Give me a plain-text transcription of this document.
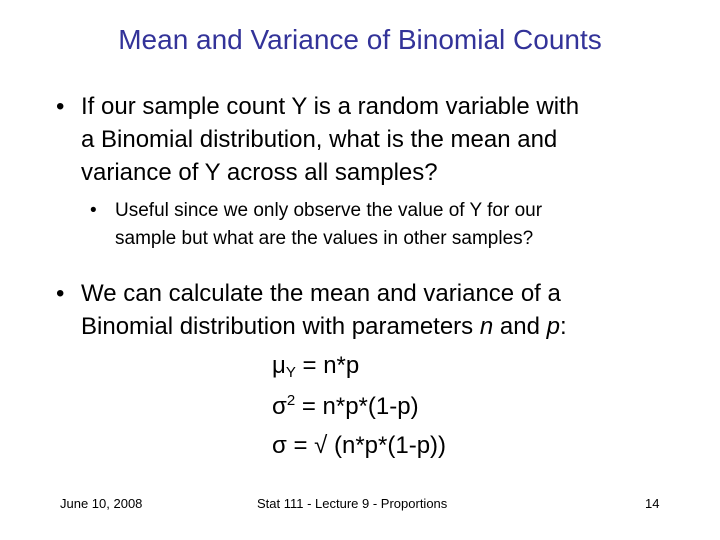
Mean and Variance of Binomial Counts
• If our sample count Y is a random variable with
a Binomial distribution, what is the mean and
variance of Y across all samples?
• Useful since we only observe the value of Y for our
sample but what are the values in other samples?
• We can calculate the mean and variance of a
Binomial distribution with parameters n and p:
$\mu_Y = n*p$
$\sigma^2 = n*p*(1-p)$
σ = √ (n*p*(1-p))
June 10, 2008	Stat 111 - Lecture 9 - Proportions	14
